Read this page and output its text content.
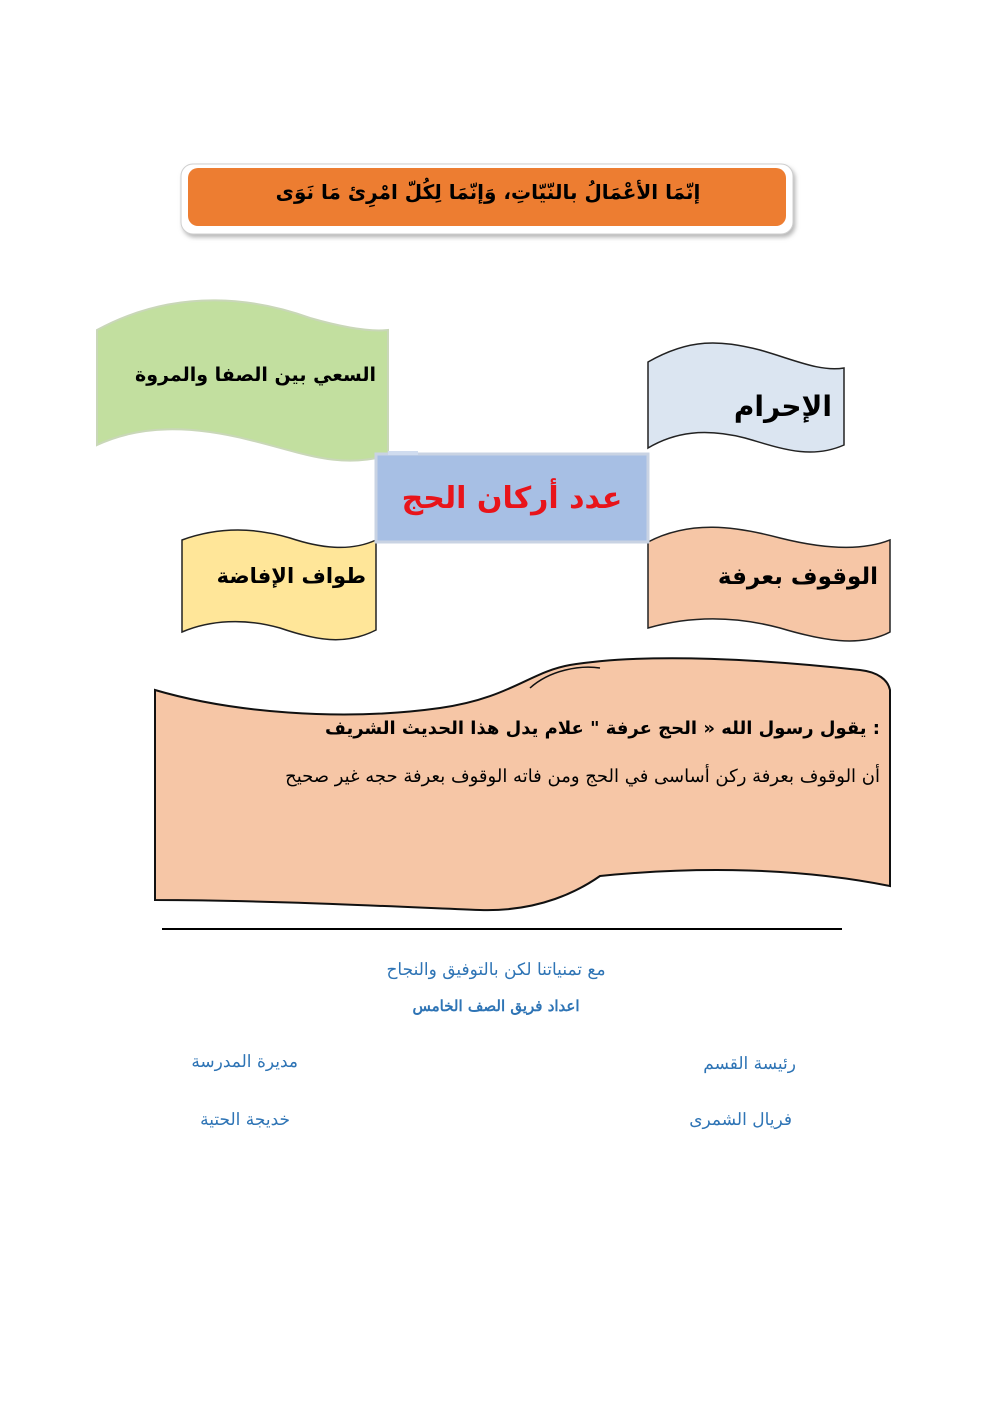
إنّمَا الأعْمَالُ بالنّيّاتِ، وَإنّمَا لِكُلّ امْرِئ مَا نَوَى
السعي بين الصفا والمروة
الإحرام
الوقوف بعرفة
طواف الإفاضة
عدد أركان الحج
: يقول رسول الله « الحج عرفة " علام يدل هذا الحديث الشريف
أن الوقوف بعرفة ركن أساسى في الحج ومن فاته الوقوف بعرفة حجه غير صحيح
مع تمنياتنا لكن بالتوفيق والنجاح
اعداد فريق الصف الخامس
رئيسة القسم
فريال الشمرى
مديرة المدرسة
خديجة الحتية
